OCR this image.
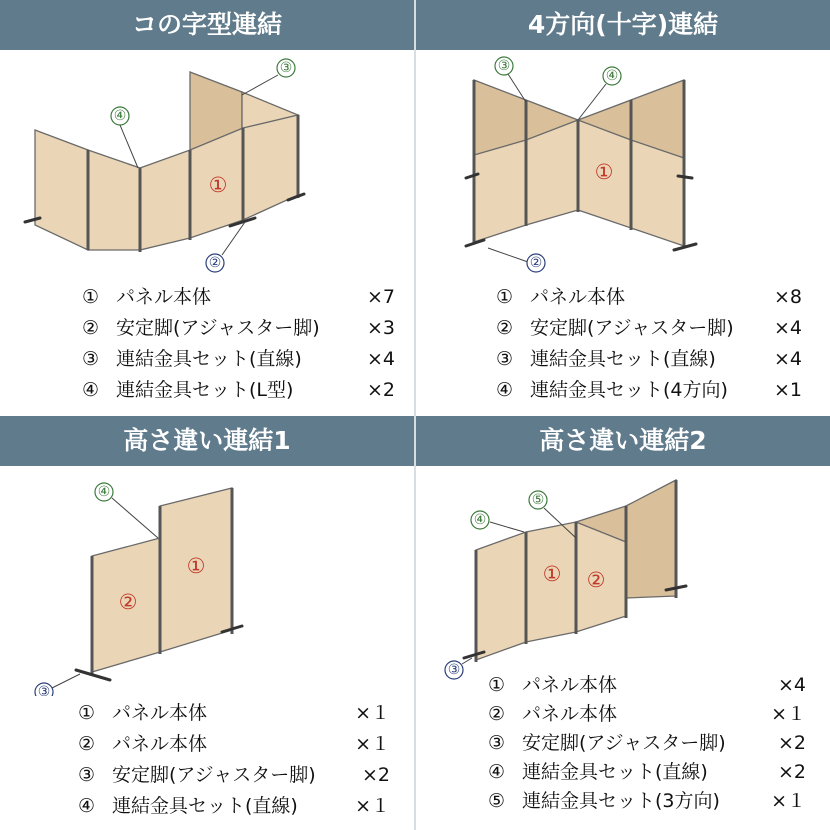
コの字型連結
①
④
③
②
① パネル本体	×7
② 安定脚(アジャスター脚) ×3
③ 連結金具セット(直線)	×4
④ 連結金具セット(L型)	×2
4方向(十字)連結
①
③
④
②
① パネル本体	×8
② 安定脚(アジャスター脚) ×4
③ 連結金具セット(直線)	×4
④ 連結金具セット(4方向) ×1
高さ違い連結1
①
②
④
③
① パネル本体	×１
② パネル本体	×１
③ 安定脚(アジャスター脚) ×2
④ 連結金具セット(直線)	×１
高さ違い連結2
① ②
④
⑤
③
① パネル本体	×4
② パネル本体	×１
③ 安定脚(アジャスター脚)	×2
④ 連結金具セット(直線)	×2
⑤ 連結金具セット(3方向)	×１
